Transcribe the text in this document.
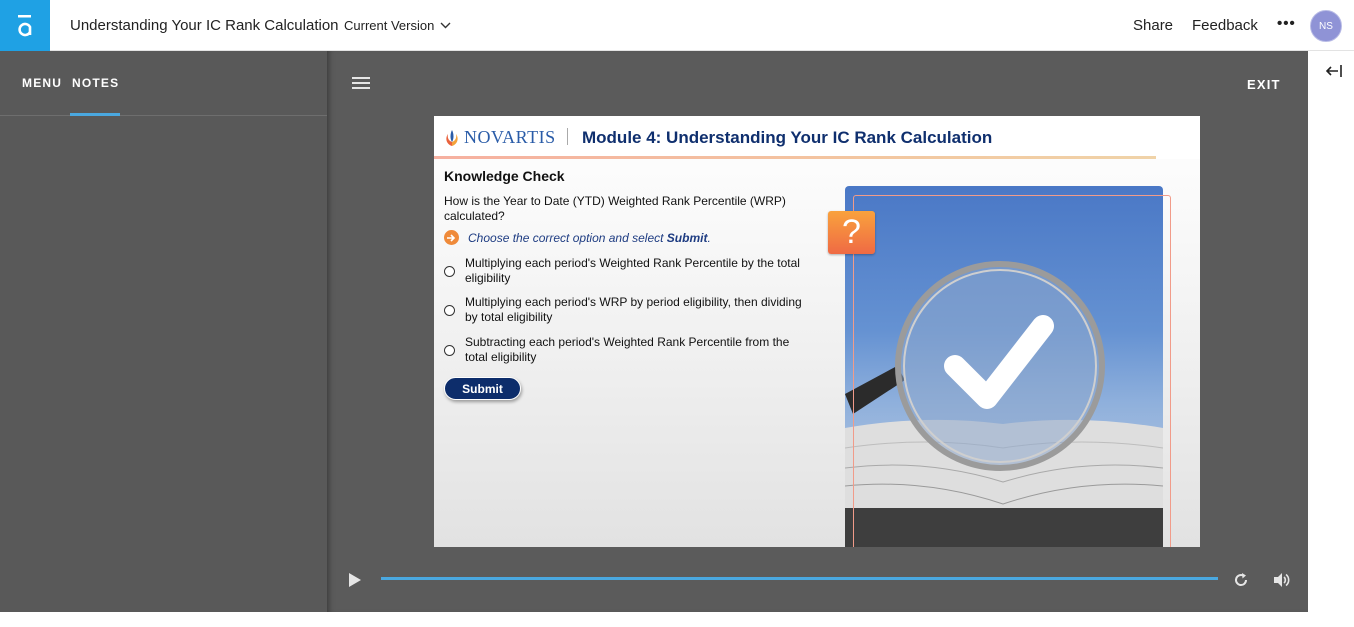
Understanding Your IC Rank Calculation Current Version	Share Feedback •••	NS
MENU NOTES	EXIT
NOVARTIS Module 4: Understanding Your IC Rank Calculation
Knowledge Check
How is the Year to Date (YTD) Weighted Rank Percentile (WRP) calculated?
Choose the correct option and select Submit.
Multiplying each period's Weighted Rank Percentile by the total eligibility
Multiplying each period's WRP by period eligibility, then dividing by total eligibility
Subtracting each period's Weighted Rank Percentile from the total eligibility
Submit
?
